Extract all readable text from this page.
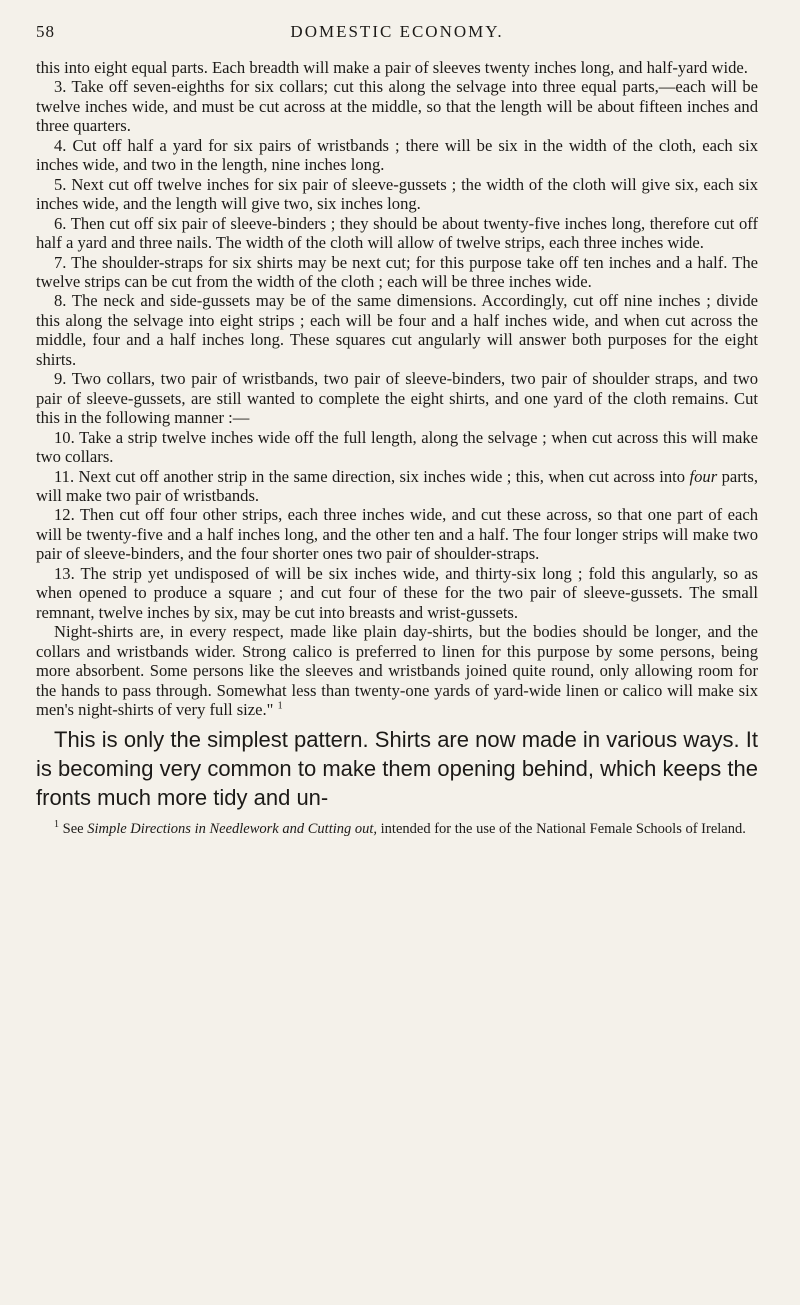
58	DOMESTIC ECONOMY.

this into eight equal parts. Each breadth will make a pair of sleeves twenty inches long, and half-yard wide.

3. Take off seven-eighths for six collars; cut this along the selvage into three equal parts,—each will be twelve inches wide, and must be cut across at the middle, so that the length will be about fifteen inches and three quarters.

4. Cut off half a yard for six pairs of wristbands ; there will be six in the width of the cloth, each six inches wide, and two in the length, nine inches long.

5. Next cut off twelve inches for six pair of sleeve-gussets ; the width of the cloth will give six, each six inches wide, and the length will give two, six inches long.

6. Then cut off six pair of sleeve-binders ; they should be about twenty-five inches long, therefore cut off half a yard and three nails. The width of the cloth will allow of twelve strips, each three inches wide.

7. The shoulder-straps for six shirts may be next cut; for this purpose take off ten inches and a half. The twelve strips can be cut from the width of the cloth ; each will be three inches wide.

8. The neck and side-gussets may be of the same dimensions. Accordingly, cut off nine inches ; divide this along the selvage into eight strips ; each will be four and a half inches wide, and when cut across the middle, four and a half inches long. These squares cut angularly will answer both purposes for the eight shirts.

9. Two collars, two pair of wristbands, two pair of sleeve-binders, two pair of shoulder straps, and two pair of sleeve-gussets, are still wanted to complete the eight shirts, and one yard of the cloth remains. Cut this in the following manner :—

10. Take a strip twelve inches wide off the full length, along the selvage ; when cut across this will make two collars.

11. Next cut off another strip in the same direction, six inches wide ; this, when cut across into four parts, will make two pair of wristbands.

12. Then cut off four other strips, each three inches wide, and cut these across, so that one part of each will be twenty-five and a half inches long, and the other ten and a half. The four longer strips will make two pair of sleeve-binders, and the four shorter ones two pair of shoulder-straps.

13. The strip yet undisposed of will be six inches wide, and thirty-six long ; fold this angularly, so as when opened to produce a square ; and cut four of these for the two pair of sleeve-gussets. The small remnant, twelve inches by six, may be cut into breasts and wrist-gussets.

Night-shirts are, in every respect, made like plain day-shirts, but the bodies should be longer, and the collars and wristbands wider. Strong calico is preferred to linen for this purpose by some persons, being more absorbent. Some persons like the sleeves and wristbands joined quite round, only allowing room for the hands to pass through. Somewhat less than twenty-one yards of yard-wide linen or calico will make six men's night-shirts of very full size." $^1$

This is only the simplest pattern. Shirts are now made in various ways. It is becoming very common to make them opening behind, which keeps the fronts much more tidy and un-

$^1$ See Simple Directions in Needlework and Cutting out, intended for the use of the National Female Schools of Ireland.
